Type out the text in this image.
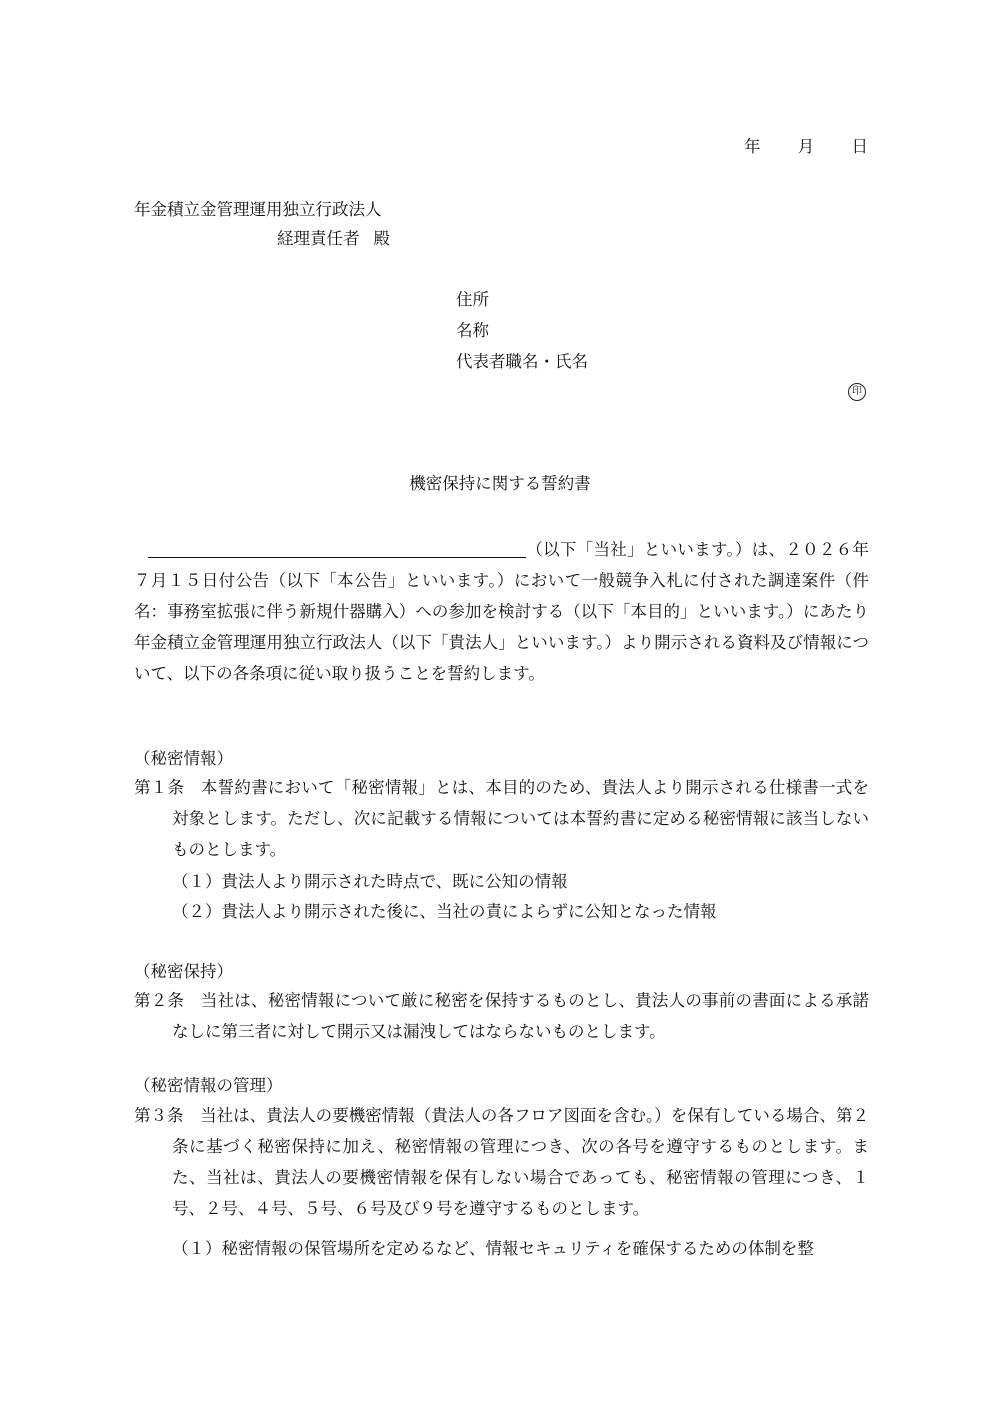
年 月 日
年金積立金管理運用独立行政法人
経理責任者 殿
住所
名称
代表者職名・氏名
印
機密保持に関する誓約書

（以下「当社」といいます。）は、２０２６年７月１５日付公告（以下「本公告」といいます。）において一般競争入札に付された調達案件（件名：事務室拡張に伴う新規什器購入）への参加を検討する（以下「本目的」といいます。）にあたり年金積立金管理運用独立行政法人（以下「貴法人」といいます。）より開示される資料及び情報について、以下の各条項に従い取り扱うことを誓約します。

（秘密情報）

第１条　本誓約書において「秘密情報」とは、本目的のため、貴法人より開示される仕様書一式を対象とします。ただし、次に記載する情報については本誓約書に定める秘密情報に該当しないものとします。

（１）貴法人より開示された時点で、既に公知の情報
（２）貴法人より開示された後に、当社の責によらずに公知となった情報
（秘密保持）

第２条　当社は、秘密情報について厳に秘密を保持するものとし、貴法人の事前の書面による承諾なしに第三者に対して開示又は漏洩してはならないものとします。

（秘密情報の管理）

第３条　当社は、貴法人の要機密情報（貴法人の各フロア図面を含む。）を保有している場合、第２条に基づく秘密保持に加え、秘密情報の管理につき、次の各号を遵守するものとします。また、当社は、貴法人の要機密情報を保有しない場合であっても、秘密情報の管理につき、１号、２号、４号、５号、６号及び９号を遵守するものとします。

（１）秘密情報の保管場所を定めるなど、情報セキュリティを確保するための体制を整
